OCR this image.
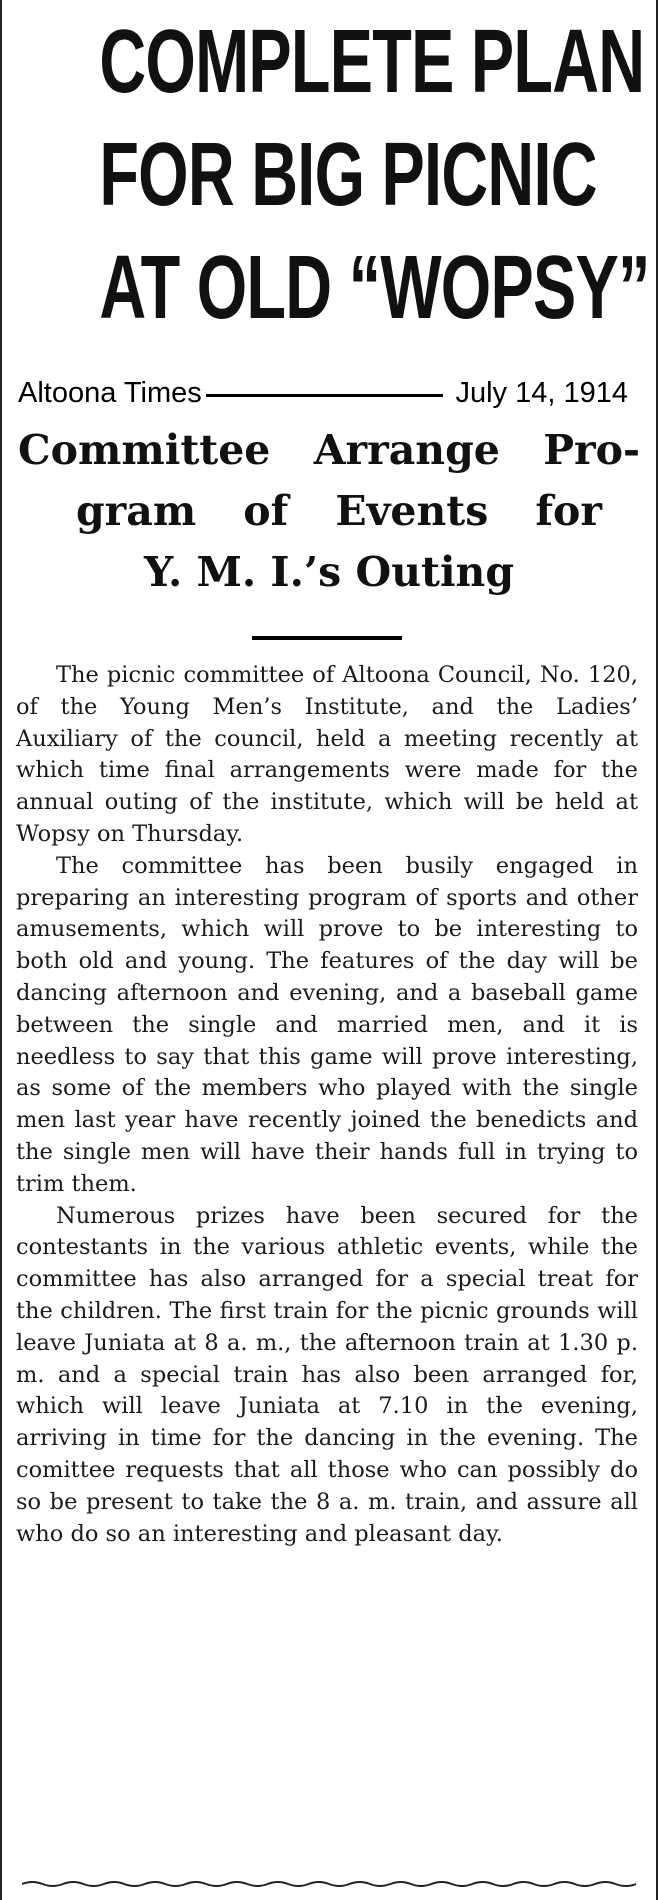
COMPLETE PLAN
FOR BIG PICNIC
AT OLD “WOPSY”
Altoona Times	July 14, 1914
Committee Arrange Pro-
gram of Events for
Y. M. I.’s Outing

The picnic committee of Altoona Council, No. 120, of the Young Men’s Institute, and the Ladies’ Auxiliary of the council, held a meeting recently at which time final arrangements were made for the annual outing of the institute, which will be held at Wopsy on Thursday.

The committee has been busily engaged in preparing an interesting program of sports and other amusements, which will prove to be interesting to both old and young. The features of the day will be dancing afternoon and evening, and a baseball game between the single and married men, and it is needless to say that this game will prove interesting, as some of the members who played with the single men last year have recently joined the benedicts and the single men will have their hands full in trying to trim them.

Numerous prizes have been secured for the contestants in the various athletic events, while the committee has also arranged for a special treat for the children. The first train for the picnic grounds will leave Juniata at 8 a. m., the afternoon train at 1.30 p. m. and a special train has also been arranged for, which will leave Juniata at 7.10 in the evening, arriving in time for the dancing in the evening. The comittee requests that all those who can possibly do so be present to take the 8 a. m. train, and assure all who do so an interesting and pleasant day.
